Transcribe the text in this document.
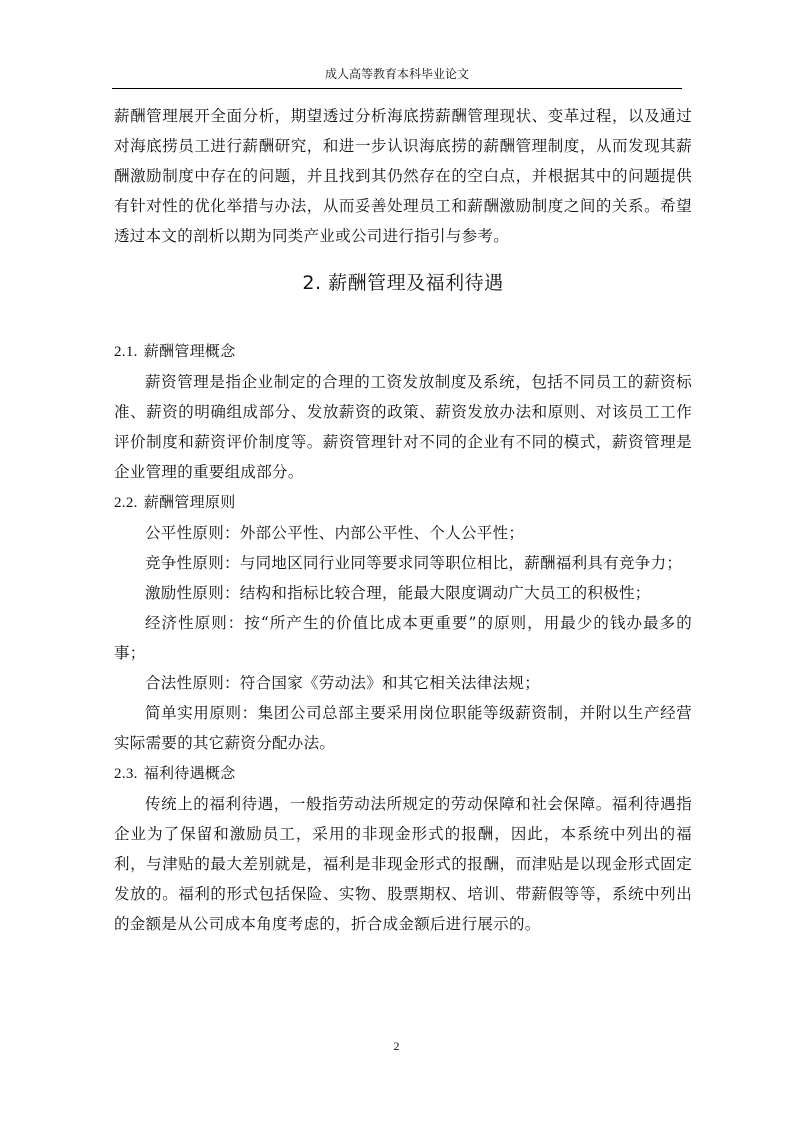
成人高等教育本科毕业论文

薪酬管理展开全面分析，期望透过分析海底捞薪酬管理现状、变革过程，以及通过对海底捞员工进行薪酬研究，和进一步认识海底捞的薪酬管理制度，从而发现其薪酬激励制度中存在的问题，并且找到其仍然存在的空白点，并根据其中的问题提供有针对性的优化举措与办法，从而妥善处理员工和薪酬激励制度之间的关系。希望透过本文的剖析以期为同类产业或公司进行指引与参考。

2. 薪酬管理及福利待遇
2.1. 薪酬管理概念

薪资管理是指企业制定的合理的工资发放制度及系统，包括不同员工的薪资标准、薪资的明确组成部分、发放薪资的政策、薪资发放办法和原则、对该员工工作评价制度和薪资评价制度等。薪资管理针对不同的企业有不同的模式，薪资管理是企业管理的重要组成部分。

2.2. 薪酬管理原则

公平性原则：外部公平性、内部公平性、个人公平性；

竞争性原则：与同地区同行业同等要求同等职位相比，薪酬福利具有竞争力；

激励性原则：结构和指标比较合理，能最大限度调动广大员工的积极性；

经济性原则：按“所产生的价值比成本更重要”的原则，用最少的钱办最多的事；

合法性原则：符合国家《劳动法》和其它相关法律法规；

简单实用原则：集团公司总部主要采用岗位职能等级薪资制，并附以生产经营实际需要的其它薪资分配办法。

2.3. 福利待遇概念

传统上的福利待遇，一般指劳动法所规定的劳动保障和社会保障。福利待遇指企业为了保留和激励员工，采用的非现金形式的报酬，因此，本系统中列出的福利，与津贴的最大差别就是，福利是非现金形式的报酬，而津贴是以现金形式固定发放的。福利的形式包括保险、实物、股票期权、培训、带薪假等等，系统中列出的金额是从公司成本角度考虑的，折合成金额后进行展示的。

2
